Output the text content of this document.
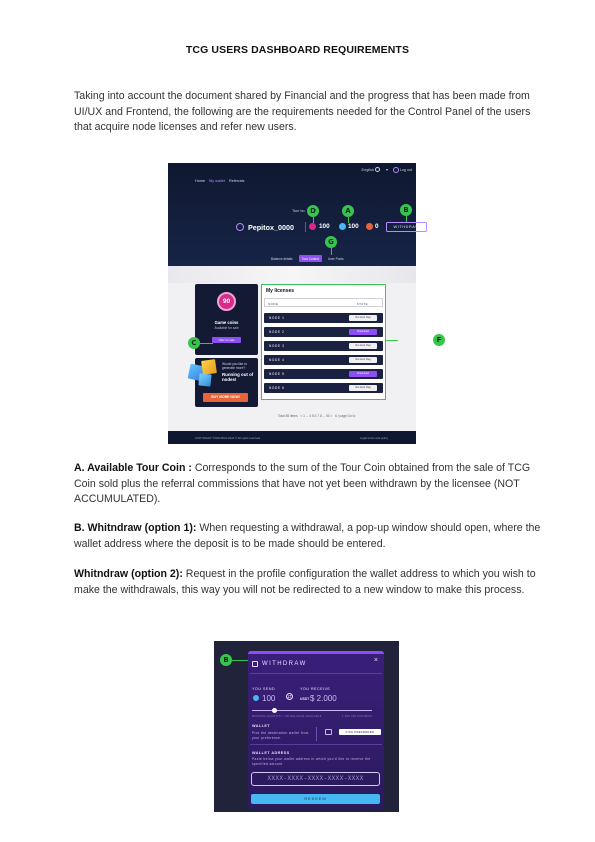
TCG USERS DASHBOARD REQUIREMENTS
Taking into account the document shared by Financial and the progress that has been made from UI/UX and Frontend, the following are the requirements needed for the Control Panel of the users that acquire node licenses and refer new users.
English	▾	Log out
Home My wallet Referrals
Tour bo
Pepitox_0000	100	100	0	WITHDRAW
Balance details	Tour Control	User Pools
90
Game coins
Available for sale
Offer for sale
Would you like to generate more?
Running out of nodes!
BUY MORE NOW!
My licenses
NODE	STATE
NODE 1	Not Auto Reg
NODE 2	Download
NODE 3	Not Auto Reg
NODE 4	Not Auto Reg
NODE 5	Download
NODE 6	Not Auto Reg
Total 85 items < 1 ... 4 5 6 7 8 ... 50 > 6 / page Go to
COPYRIGHT ©2022 BGS 2022 © All rights reserved.	Legal terms and policy
D	A	B
G
C	F
A. Available Tour Coin : Corresponds to the sum of the Tour Coin obtained from the sale of TCG Coin sold plus the referral commissions that have not yet been withdrawn by the licensee (NOT ACCUMULATED).
B. Whitndraw (option 1): When requesting a withdrawal, a pop-up window should open, where the wallet address where the deposit is to be made should be entered.
Whitndraw (option 2): Request in the profile configuration the wallet address to which you wish to make the withdrawals, this way you will not be redirected to a new window to make this process.
WITHDRAW	×
YOU SEND	YOU RECEIVE
100 ⇄	USDT $ 2.000
MINIMUM QUANTITY: 100 BALANCE AVAILABLE	1.000.000 MAXIMUM
WALLET
Pick the destination wallet from your preference.
PICK PREFERRED WALLET
WALLET ADRESS
Paste below your wallet address in which you'd like to receive the specified amount
XXXX-XXXX-XXXX-XXXX-XXXX
REDEEM
B
